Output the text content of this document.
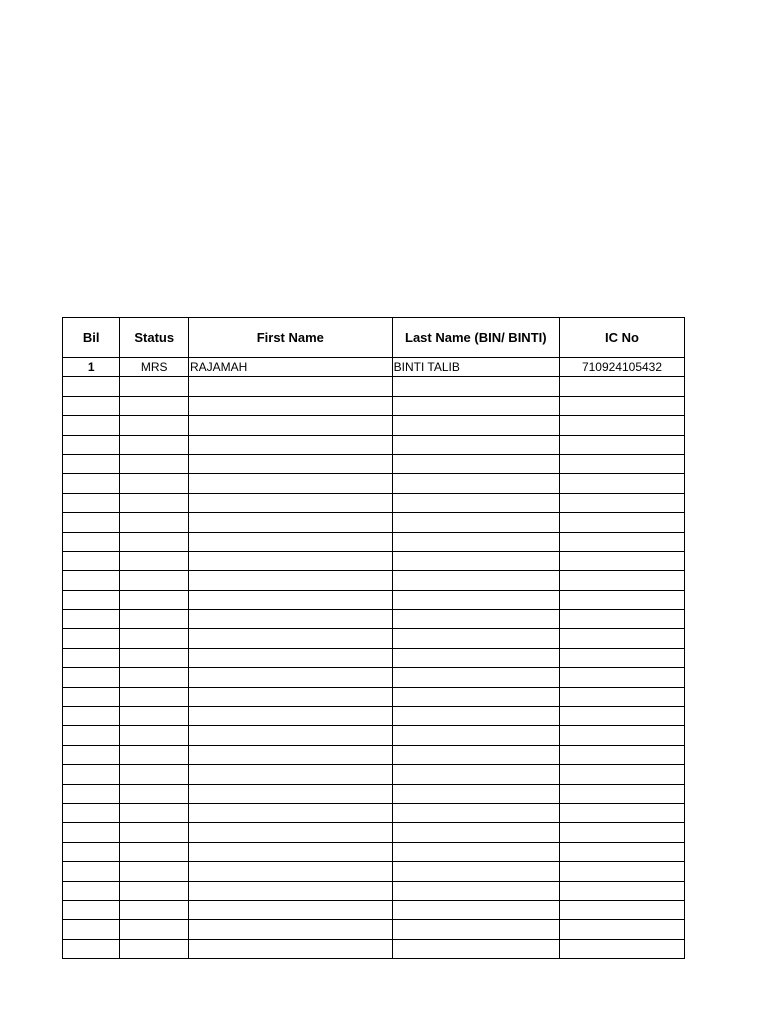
Bil	Status	First Name	Last Name (BIN/ BINTI)	IC No
1	MRS	RAJAMAH	BINTI TALIB	710924105432
